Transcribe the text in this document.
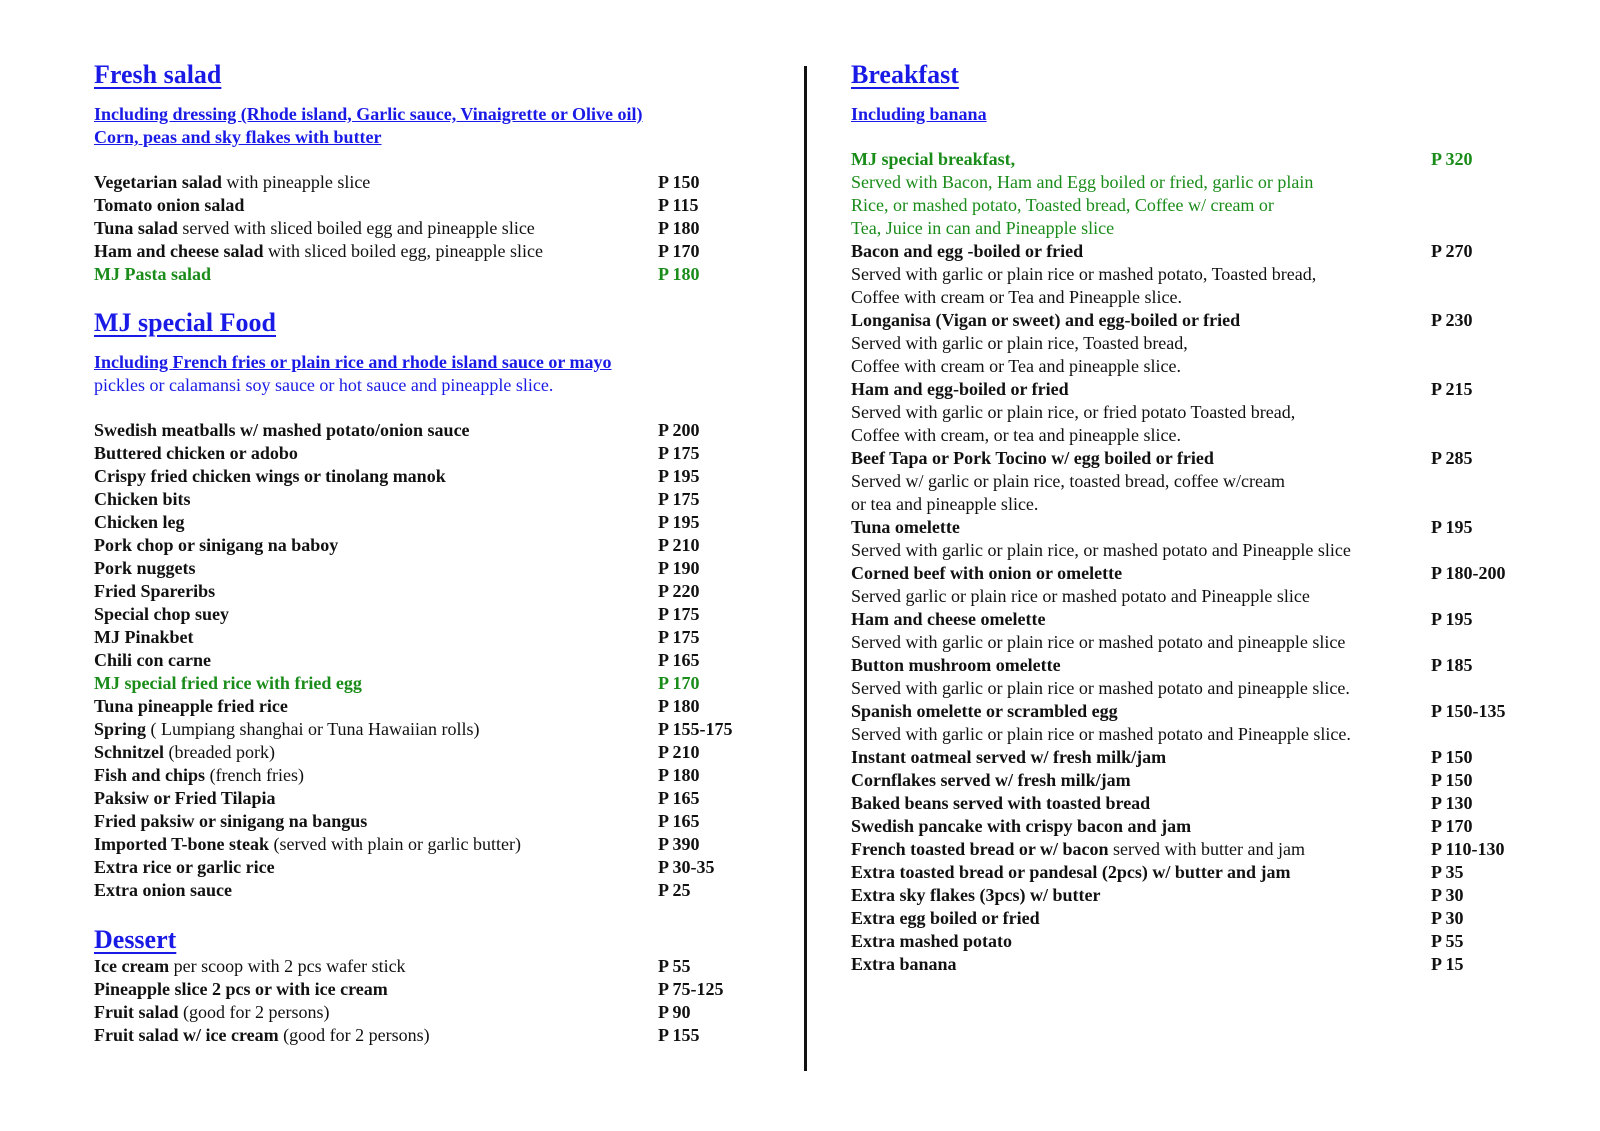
Fresh salad
Including dressing (Rhode island, Garlic sauce, Vinaigrette or Olive oil)
Corn, peas and sky flakes with butter
Vegetarian salad with pineapple slice	P 150
Tomato onion salad	P 115
Tuna salad served with sliced boiled egg and pineapple slice	P 180
Ham and cheese salad with sliced boiled egg, pineapple slice	P 170
MJ Pasta salad	P 180
MJ special Food
Including French fries or plain rice and rhode island sauce or mayo
pickles or calamansi soy sauce or hot sauce and pineapple slice.
Swedish meatballs w/ mashed potato/onion sauce	P 200
Buttered chicken or adobo	P 175
Crispy fried chicken wings or tinolang manok	P 195
Chicken bits	P 175
Chicken leg	P 195
Pork chop or sinigang na baboy	P 210
Pork nuggets	P 190
Fried Spareribs	P 220
Special chop suey	P 175
MJ Pinakbet	P 175
Chili con carne	P 165
MJ special fried rice with fried egg	P 170
Tuna pineapple fried rice	P 180
Spring ( Lumpiang shanghai or Tuna Hawaiian rolls)	P 155-175
Schnitzel (breaded pork)	P 210
Fish and chips (french fries)	P 180
Paksiw or Fried Tilapia	P 165
Fried paksiw or sinigang na bangus	P 165
Imported T-bone steak (served with plain or garlic butter)	P 390
Extra rice or garlic rice	P 30-35
Extra onion sauce	P 25
Dessert
Ice cream per scoop with 2 pcs wafer stick	P 55
Pineapple slice 2 pcs or with ice cream	P 75-125
Fruit salad (good for 2 persons)	P 90
Fruit salad w/ ice cream (good for 2 persons)	P 155
Breakfast
Including banana
MJ special breakfast,	P 320
Served with Bacon, Ham and Egg boiled or fried, garlic or plain
Rice, or mashed potato, Toasted bread, Coffee w/ cream or
Tea, Juice in can and Pineapple slice
Bacon and egg -boiled or fried	P 270
Served with garlic or plain rice or mashed potato, Toasted bread,
Coffee with cream or Tea and Pineapple slice.
Longanisa (Vigan or sweet) and egg-boiled or fried	P 230
Served with garlic or plain rice, Toasted bread,
Coffee with cream or Tea and pineapple slice.
Ham and egg-boiled or fried	P 215
Served with garlic or plain rice, or fried potato Toasted bread,
Coffee with cream, or tea and pineapple slice.
Beef Tapa or Pork Tocino w/ egg boiled or fried	P 285
Served w/ garlic or plain rice, toasted bread, coffee w/cream
or tea and pineapple slice.
Tuna omelette	P 195
Served with garlic or plain rice, or mashed potato and Pineapple slice
Corned beef with onion or omelette	P 180-200
Served garlic or plain rice or mashed potato and Pineapple slice
Ham and cheese omelette	P 195
Served with garlic or plain rice or mashed potato and pineapple slice
Button mushroom omelette	P 185
Served with garlic or plain rice or mashed potato and pineapple slice.
Spanish omelette or scrambled egg	P 150-135
Served with garlic or plain rice or mashed potato and Pineapple slice.
Instant oatmeal served w/ fresh milk/jam	P 150
Cornflakes served w/ fresh milk/jam	P 150
Baked beans served with toasted bread	P 130
Swedish pancake with crispy bacon and jam	P 170
French toasted bread or w/ bacon served with butter and jam	P 110-130
Extra toasted bread or pandesal (2pcs) w/ butter and jam	P 35
Extra sky flakes (3pcs) w/ butter	P 30
Extra egg boiled or fried	P 30
Extra mashed potato	P 55
Extra banana	P 15
